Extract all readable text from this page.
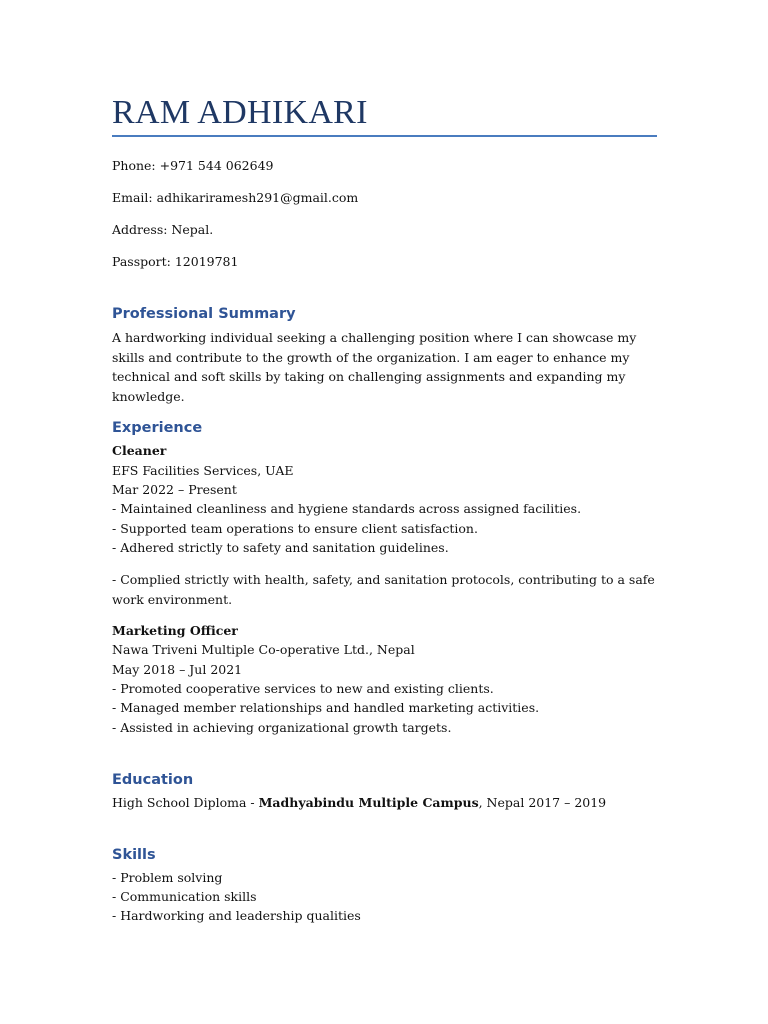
RAM ADHIKARI
Phone: +971 544 062649
Email: adhikariramesh291@gmail.com
Address: Nepal.
Passport: 12019781
Professional Summary
A hardworking individual seeking a challenging position where I can showcase my skills and contribute to the growth of the organization. I am eager to enhance my technical and soft skills by taking on challenging assignments and expanding my knowledge.
Experience
Cleaner
EFS Facilities Services, UAE
Mar 2022 – Present
- Maintained cleanliness and hygiene standards across assigned facilities.
- Supported team operations to ensure client satisfaction.
- Adhered strictly to safety and sanitation guidelines.
- Complied strictly with health, safety, and sanitation protocols, contributing to a safe work environment.
Marketing Officer
Nawa Triveni Multiple Co-operative Ltd., Nepal
May 2018 – Jul 2021
- Promoted cooperative services to new and existing clients.
- Managed member relationships and handled marketing activities.
- Assisted in achieving organizational growth targets.
Education
High School Diploma - Madhyabindu Multiple Campus, Nepal 2017 – 2019
Skills
- Problem solving
- Communication skills
- Hardworking and leadership qualities
